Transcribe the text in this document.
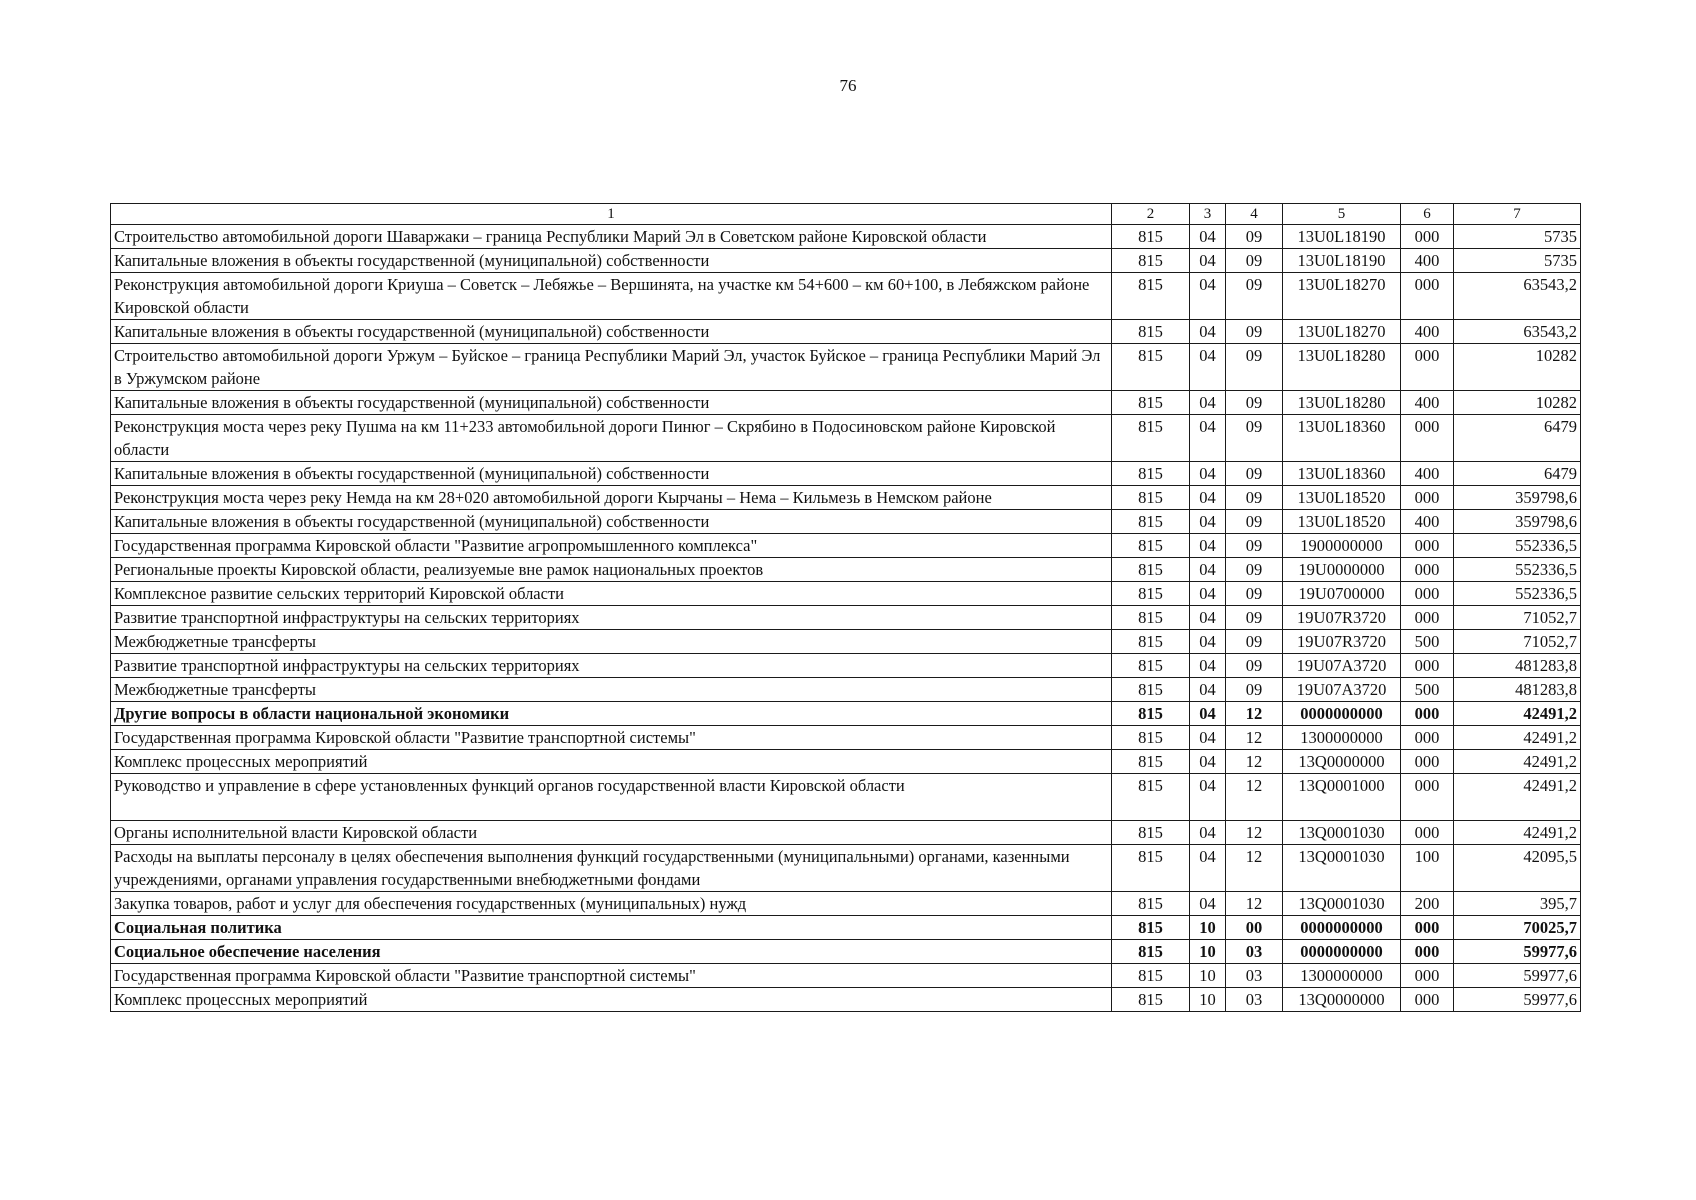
76
1	2	3	4	5	6	7
Строительство автомобильной дороги Шаваржаки – граница Республики Марий Эл в Советском районе Кировской области	815	04	09	13U0L18190	000	5735
Капитальные вложения в объекты государственной (муниципальной) собственности	815	04	09	13U0L18190	400	5735
Реконструкция автомобильной дороги Криуша – Советск – Лебяжье – Вершинята, на участке км 54+600 – км 60+100, в Лебяжском районе Кировской области	815	04	09	13U0L18270	000	63543,2
Капитальные вложения в объекты государственной (муниципальной) собственности	815	04	09	13U0L18270	400	63543,2
Строительство автомобильной дороги Уржум – Буйское – граница Республики Марий Эл, участок Буйское – граница Республики Марий Эл в Уржумском районе	815	04	09	13U0L18280	000	10282
Капитальные вложения в объекты государственной (муниципальной) собственности	815	04	09	13U0L18280	400	10282
Реконструкция моста через реку Пушма на км 11+233 автомобильной дороги Пинюг – Скрябино в Подосиновском районе Кировской области	815	04	09	13U0L18360	000	6479
Капитальные вложения в объекты государственной (муниципальной) собственности	815	04	09	13U0L18360	400	6479
Реконструкция моста через реку Немда на км 28+020 автомобильной дороги Кырчаны – Нема – Кильмезь в Немском районе	815	04	09	13U0L18520	000	359798,6
Капитальные вложения в объекты государственной (муниципальной) собственности	815	04	09	13U0L18520	400	359798,6
Государственная программа Кировской области "Развитие агропромышленного комплекса"	815	04	09	1900000000	000	552336,5
Региональные проекты Кировской области, реализуемые вне рамок национальных проектов	815	04	09	19U0000000	000	552336,5
Комплексное развитие сельских территорий Кировской области	815	04	09	19U0700000	000	552336,5
Развитие транспортной инфраструктуры на сельских территориях	815	04	09	19U07R3720	000	71052,7
Межбюджетные трансферты	815	04	09	19U07R3720	500	71052,7
Развитие транспортной инфраструктуры на сельских территориях	815	04	09	19U07A3720	000	481283,8
Межбюджетные трансферты	815	04	09	19U07A3720	500	481283,8
Другие вопросы в области национальной экономики	815	04	12	0000000000	000	42491,2
Государственная программа Кировской области "Развитие транспортной системы"	815	04	12	1300000000	000	42491,2
Комплекс процессных мероприятий	815	04	12	13Q0000000	000	42491,2
Руководство и управление в сфере установленных функций органов государственной власти Кировской области	815	04	12	13Q0001000	000	42491,2
Органы исполнительной власти Кировской области	815	04	12	13Q0001030	000	42491,2
Расходы на выплаты персоналу в целях обеспечения выполнения функций государственными (муниципальными) органами, казенными учреждениями, органами управления государственными внебюджетными фондами	815	04	12	13Q0001030	100	42095,5
Закупка товаров, работ и услуг для обеспечения государственных (муниципальных) нужд	815	04	12	13Q0001030	200	395,7
Социальная политика	815	10	00	0000000000	000	70025,7
Социальное обеспечение населения	815	10	03	0000000000	000	59977,6
Государственная программа Кировской области "Развитие транспортной системы"	815	10	03	1300000000	000	59977,6
Комплекс процессных мероприятий	815	10	03	13Q0000000	000	59977,6
